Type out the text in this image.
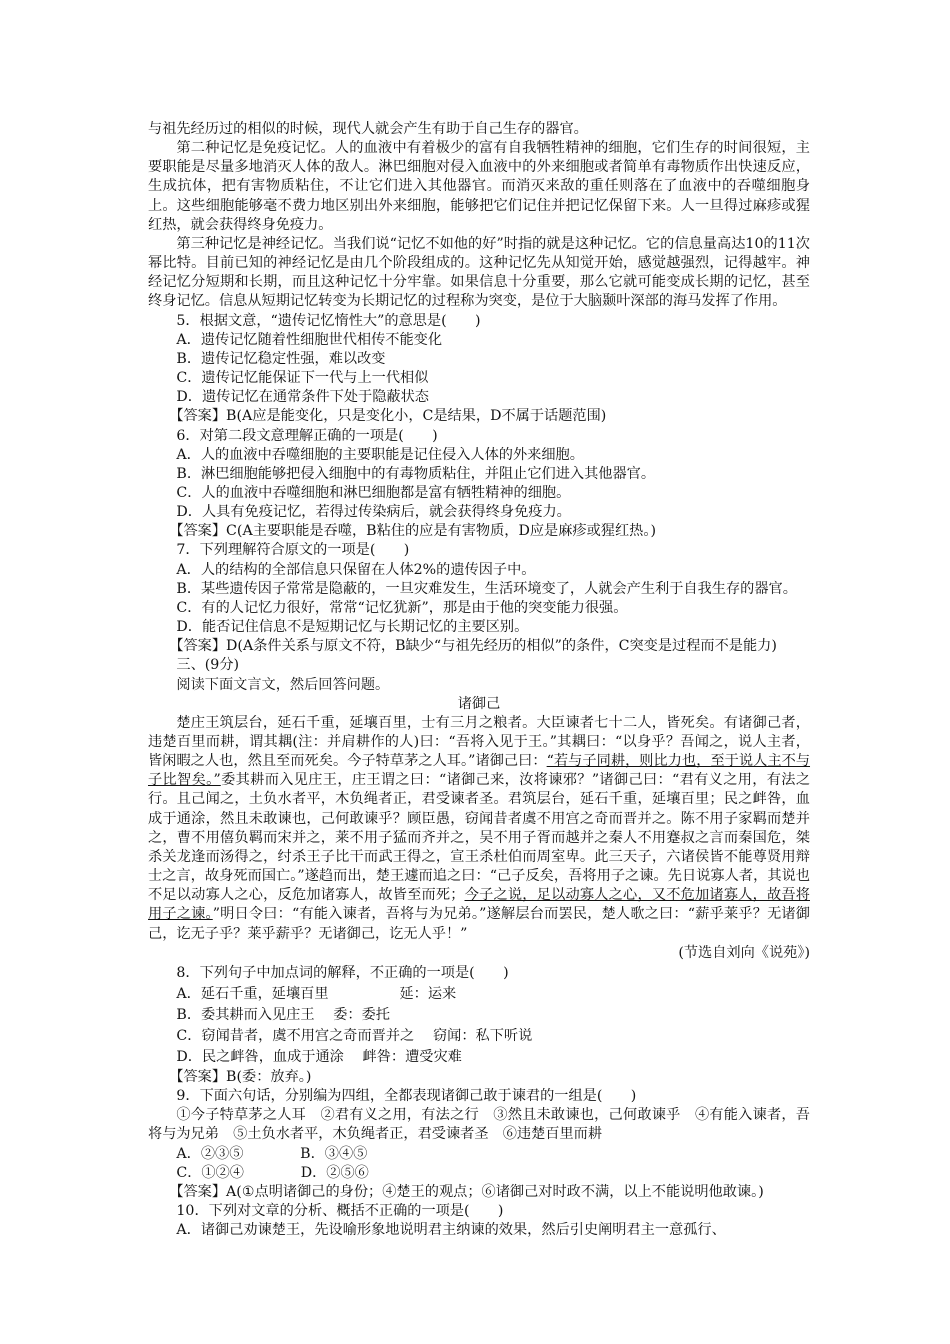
与祖先经历过的相似的时候，现代人就会产生有助于自己生存的器官。

第二种记忆是免疫记忆。人的血液中有着极少的富有自我牺牲精神的细胞，它们生存的时间很短，主要职能是尽量多地消灭人体的敌人。淋巴细胞对侵入血液中的外来细胞或者简单有毒物质作出快速反应，生成抗体，把有害物质粘住，不让它们进入其他器官。而消灭来敌的重任则落在了血液中的吞噬细胞身上。这些细胞能够毫不费力地区别出外来细胞，能够把它们记住并把记忆保留下来。人一旦得过麻疹或猩红热，就会获得终身免疫力。

第三种记忆是神经记忆。当我们说“记忆不如他的好”时指的就是这种记忆。它的信息量高达10的11次幂比特。目前已知的神经记忆是由几个阶段组成的。这种记忆先从知觉开始，感觉越强烈，记得越牢。神经记忆分短期和长期，而且这种记忆十分牢靠。如果信息十分重要，那么它就可能变成长期的记忆，甚至终身记忆。信息从短期记忆转变为长期记忆的过程称为突变，是位于大脑颞叶深部的海马发挥了作用。

5．根据文意，“遗传记忆惰性大”的意思是(　　)

A．遗传记忆随着性细胞世代相传不能变化

B．遗传记忆稳定性强，难以改变

C．遗传记忆能保证下一代与上一代相似

D．遗传记忆在通常条件下处于隐蔽状态

【答案】B(A应是能变化，只是变化小，C是结果，D不属于话题范围)

6．对第二段文意理解正确的一项是(　　)

A．人的血液中吞噬细胞的主要职能是记住侵入人体的外来细胞。

B．淋巴细胞能够把侵入细胞中的有毒物质粘住，并阻止它们进入其他器官。

C．人的血液中吞噬细胞和淋巴细胞都是富有牺牲精神的细胞。

D．人具有免疫记忆，若得过传染病后，就会获得终身免疫力。

【答案】C(A主要职能是吞噬，B粘住的应是有害物质，D应是麻疹或猩红热。)

7．下列理解符合原文的一项是(　　)

A．人的结构的全部信息只保留在人体2%的遗传因子中。

B．某些遗传因子常常是隐蔽的，一旦灾难发生，生活环境变了，人就会产生利于自我生存的器官。

C．有的人记忆力很好，常常“记忆犹新”，那是由于他的突变能力很强。

D．能否记住信息不是短期记忆与长期记忆的主要区别。

【答案】D(A条件关系与原文不符，B缺少“与祖先经历的相似”的条件，C突变是过程而不是能力)

三、(9分)

阅读下面文言文，然后回答问题。

诸御己

楚庄王筑层台，延石千重，延壤百里，士有三月之粮者。大臣谏者七十二人，皆死矣。有诸御己者，违楚百里而耕，谓其耦(注：并肩耕作的人)曰：“吾将入见于王。”其耦曰：“以身乎？吾闻之，说人主者，皆闲暇之人也，然且至而死矣。今子特草茅之人耳。”诸御己曰：“若与子同耕，则比力也，至于说人主不与子比智矣。”委其耕而入见庄王，庄王谓之曰：“诸御己来，汝将谏邪？”诸御己曰：“君有义之用，有法之行。且己闻之，土负水者平，木负绳者正，君受谏者圣。君筑层台，延石千重，延壤百里；民之衅咎，血成于通涂，然且未敢谏也，己何敢谏乎？顾臣愚，窃闻昔者虞不用宫之奇而晋并之。陈不用子家羁而楚并之，曹不用僖负羁而宋并之，莱不用子猛而齐并之，吴不用子胥而越并之秦人不用蹇叔之言而秦国危，桀杀关龙逢而汤得之，纣杀王子比干而武王得之，宣王杀杜伯而周室卑。此三天子，六诸侯皆不能尊贤用辩士之言，故身死而国亡。”遂趋而出，楚王遽而追之曰：“己子反矣，吾将用子之谏。先日说寡人者，其说也不足以动寡人之心，反危加诸寡人，故皆至而死；今子之说，足以动寡人之心，又不危加诸寡人，故吾将用子之谏。”明日令曰：“有能入谏者，吾将与为兄弟。”遂解层台而罢民，楚人歌之曰：“薪乎莱乎？无诸御己，讫无子乎？莱乎薪乎？无诸御己，讫无人乎！”

(节选自刘向《说苑》)

8．下列句子中加点词的解释，不正确的一项是(　　)

A．延石千重，延壤百里　　　　　延：运来

B．委其耕而入见庄王　 委：委托

C．窃闻昔者，虞不用宫之奇而晋并之　 窃闻：私下听说

D．民之衅咎，血成于通涂　 衅咎：遭受灾难

【答案】B(委：放弃。)

9．下面六句话，分别编为四组，全都表现诸御己敢于谏君的一组是(　　)

①今子特草茅之人耳　②君有义之用，有法之行　③然且未敢谏也，己何敢谏乎　④有能入谏者，吾将与为兄弟　⑤土负水者平，木负绳者正，君受谏者圣　⑥违楚百里而耕

A．②③⑤　　　　B．③④⑤

C．①②④　　　　D．②⑤⑥

【答案】A(①点明诸御己的身份；④楚王的观点；⑥诸御己对时政不满，以上不能说明他敢谏。)

10．下列对文章的分析、概括不正确的一项是(　　)

A．诸御己劝谏楚王，先设喻形象地说明君主纳谏的效果，然后引史阐明君主一意孤行、
